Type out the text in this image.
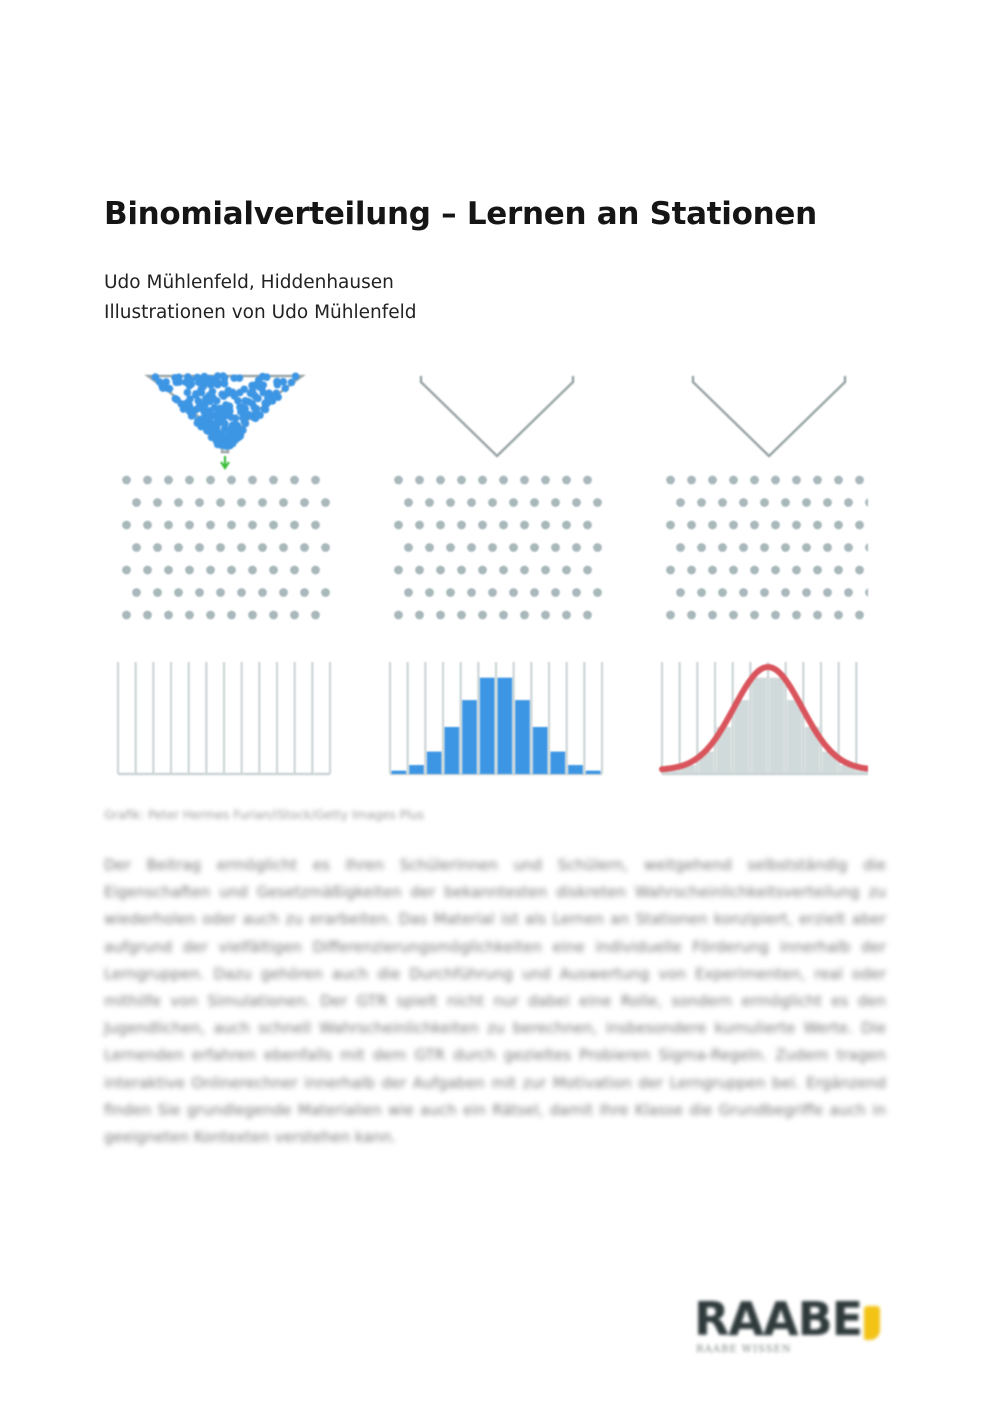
Binomialverteilung – Lernen an Stationen
Udo Mühlenfeld, Hiddenhausen
Illustrationen von Udo Mühlenfeld
Grafik: Peter Hermes Furian/iStock/Getty Images Plus
Der Beitrag ermöglicht es Ihren Schülerinnen und Schülern, weitgehend selbstständig die Eigenschaften und Gesetzmäßigkeiten der bekanntesten diskreten Wahrscheinlichkeitsverteilung zu wiederholen oder auch zu erarbeiten. Das Material ist als Lernen an Stationen konzipiert, erzielt aber aufgrund der vielfältigen Differenzierungsmöglichkeiten eine individuelle Förderung innerhalb der Lerngruppen. Dazu gehören auch die Durchführung und Auswertung von Experimenten, real oder mithilfe von Simulationen. Der GTR spielt nicht nur dabei eine Rolle, sondern ermöglicht es den Jugendlichen, auch schnell Wahrscheinlichkeiten zu berechnen, insbesondere kumulierte Werte. Die Lernenden erfahren ebenfalls mit dem GTR durch gezieltes Probieren Sigma-Regeln. Zudem tragen interaktive Onlinerechner innerhalb der Aufgaben mit zur Motivation der Lerngruppen bei. Ergänzend finden Sie grundlegende Materialien wie auch ein Rätsel, damit Ihre Klasse die Grundbegriffe auch in geeigneten Kontexten verstehen kann.
RAABE
RAABE WISSEN
